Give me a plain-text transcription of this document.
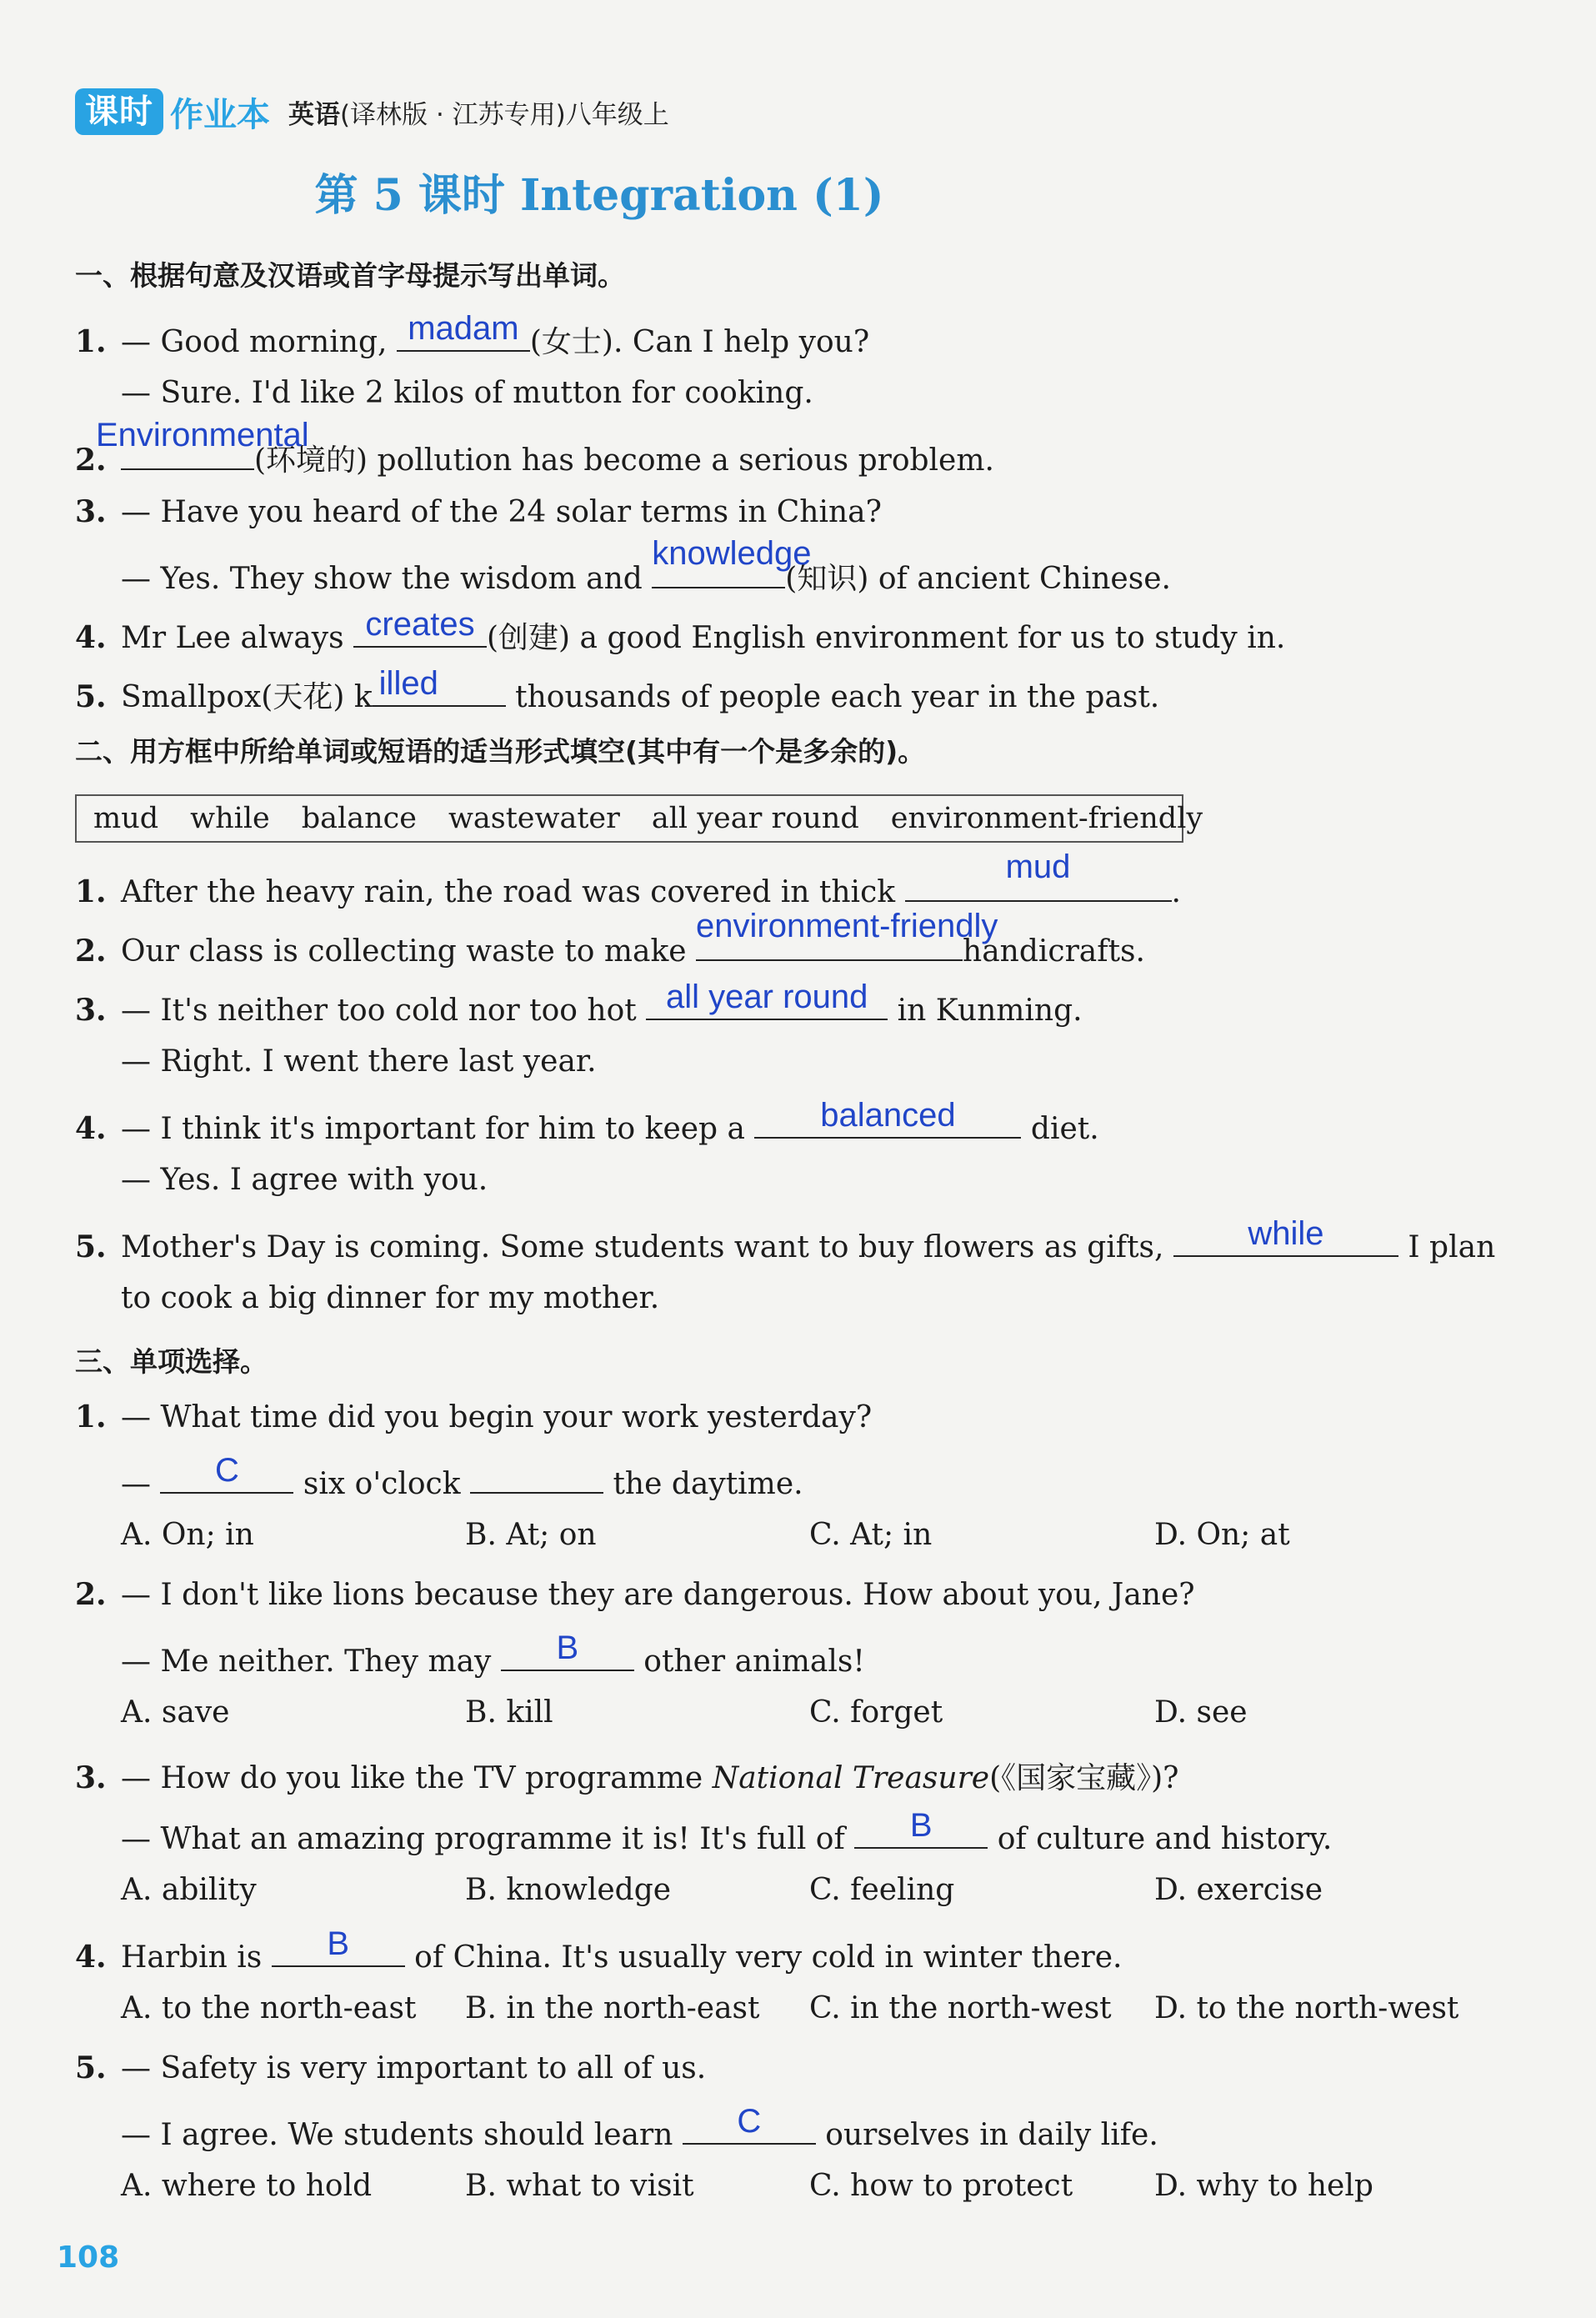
课时 作业本 英语(译林版 · 江苏专用)八年级上
第 5 课时 Integration (1)
一、根据句意及汉语或首字母提示写出单词。
1. — Good morning, madam (女士). Can I help you?
— Sure. I'd like 2 kilos of mutton for cooking.
2.
Environmental
(环境的) pollution has become a serious problem.
3. — Have you heard of the 24 solar terms in China?
— Yes. They show the wisdom and
knowledge
(知识) of ancient Chinese.
4. Mr Lee always creates (创建) a good English environment for us to study in.
5. Smallpox(天花) k illed	thousands of people each year in the past.
二、用方框中所给单词或短语的适当形式填空(其中有一个是多余的)。
mud while balance wastewater all year round environment-friendly
1. After the heavy rain, the road was covered in thick
mud
.
2. Our class is collecting waste to make
environment-friendly
handicrafts.
3. — It's neither too cold nor too hot all year round in Kunming.
— Right. I went there last year.
4. — I think it's important for him to keep a	balanced	diet.
— Yes. I agree with you.
5. Mother's Day is coming. Some students want to buy flowers as gifts,	while	I plan
to cook a big dinner for my mother.
三、单项选择。
1. — What time did you begin your work yesterday?
—	C	six o'clock	the daytime.
A. On; in	B. At; on	C. At; in	D. On; at
2. — I don't like lions because they are dangerous. How about you, Jane?
— Me neither. They may	B	other animals!
A. save	B. kill	C. forget	D. see
3. — How do you like the TV programme National Treasure(《国家宝藏》)?
— What an amazing programme it is! It's full of	B	of culture and history.
A. ability	B. knowledge	C. feeling	D. exercise
4. Harbin is	B	of China. It's usually very cold in winter there.
A. to the north-east B. in the north-east C. in the north-west D. to the north-west
5. — Safety is very important to all of us.
— I agree. We students should learn	C	ourselves in daily life.
A. where to hold	B. what to visit	C. how to protect	D. why to help
108
